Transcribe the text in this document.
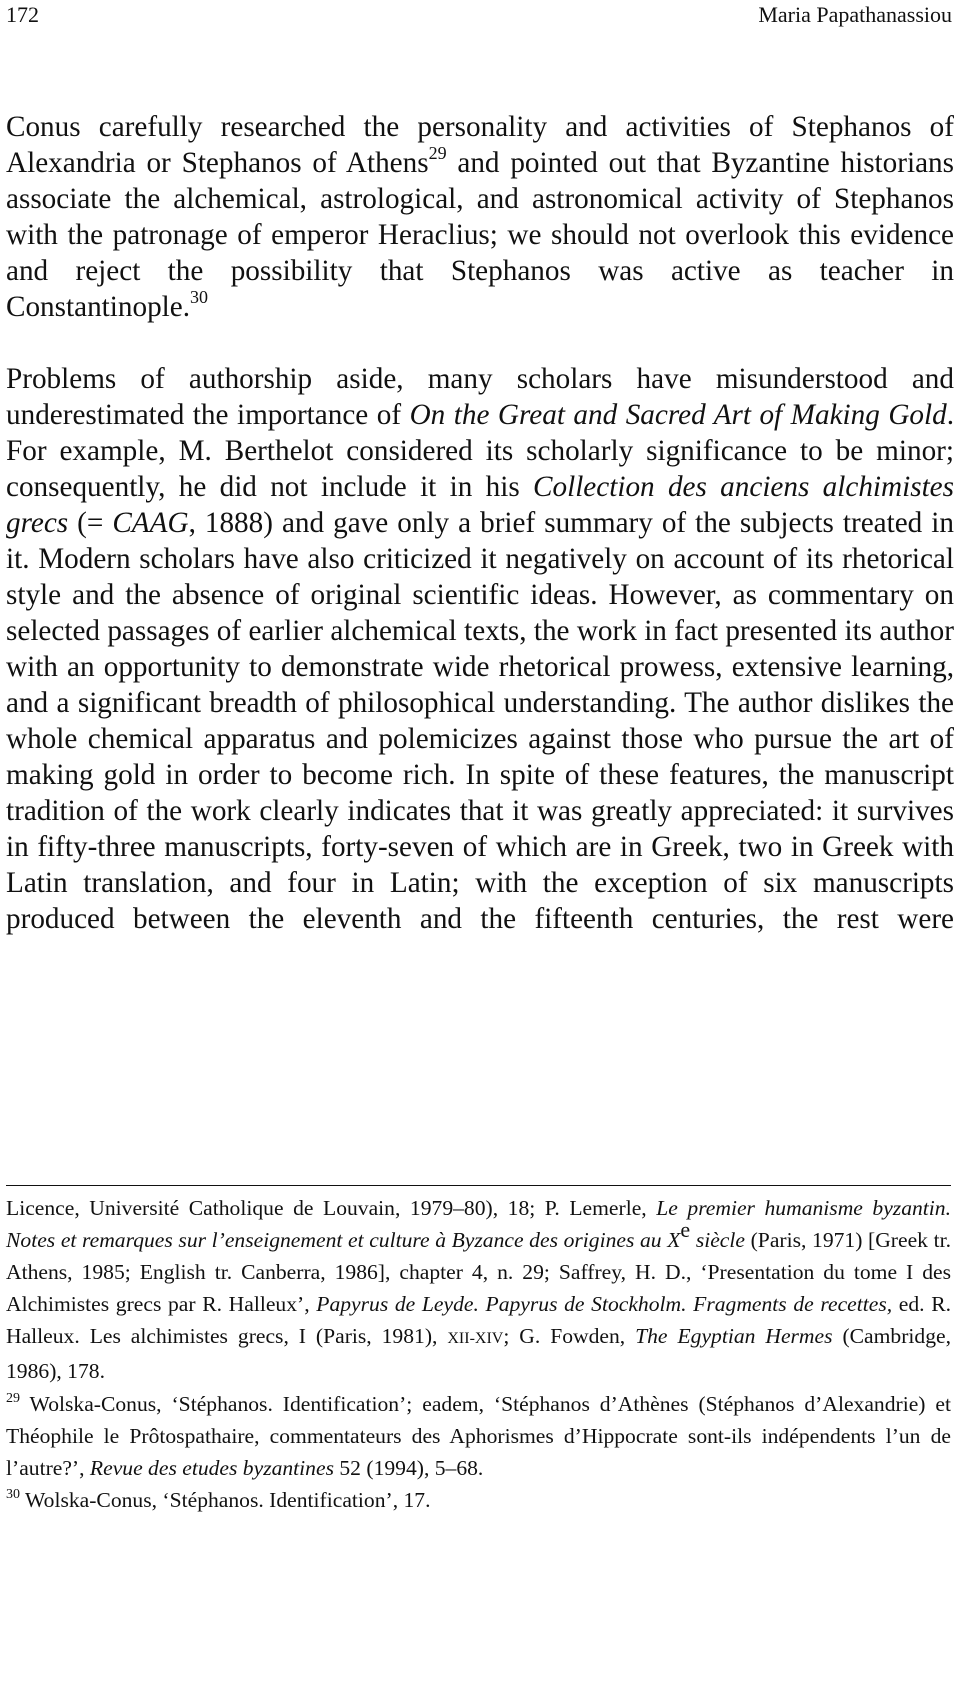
172	Maria Papathanassiou

Conus carefully researched the personality and activities of Stephanos of Alexandria or Stephanos of Athens$^{29}$ and pointed out that Byzantine historians associate the alchemical, astrological, and astronomical activity of Stephanos with the patronage of emperor Heraclius; we should not overlook this evidence and reject the possibility that Stephanos was active as teacher in Constantinople.$^{30}$

Problems of authorship aside, many scholars have misunderstood and underestimated the importance of On the Great and Sacred Art of Making Gold. For example, M. Berthelot considered its scholarly significance to be minor; consequently, he did not include it in his Collection des anciens alchimistes grecs (= CAAG, 1888) and gave only a brief summary of the subjects treated in it. Modern scholars have also criticized it negatively on account of its rhetorical style and the absence of original scientific ideas. However, as commentary on selected passages of earlier alchemical texts, the work in fact presented its author with an opportunity to demonstrate wide rhetorical prowess, extensive learning, and a significant breadth of philosophical understanding. The author dislikes the whole chemical apparatus and polemicizes against those who pursue the art of making gold in order to become rich. In spite of these features, the manuscript tradition of the work clearly indicates that it was greatly appreciated: it survives in fifty-three manuscripts, forty-seven of which are in Greek, two in Greek with Latin translation, and four in Latin; with the exception of six manuscripts produced between the eleventh and the fifteenth centuries, the rest were

Licence, Université Catholique de Louvain, 1979–80), 18; P. Lemerle, Le premier humanisme byzantin. Notes et remarques sur l’enseignement et culture à Byzance des origines au Xe siècle (Paris, 1971) [Greek tr. Athens, 1985; English tr. Canberra, 1986], chapter 4, n. 29; Saffrey, H. D., ‘Presentation du tome I des Alchimistes grecs par R. Halleux’, Papyrus de Leyde. Papyrus de Stockholm. Fragments de recettes, ed. R. Halleux. Les alchimistes grecs, I (Paris, 1981), XII-XIV; G. Fowden, The Egyptian Hermes (Cambridge, 1986), 178.

$^{29}$ Wolska-Conus, ‘Stéphanos. Identification’; eadem, ‘Stéphanos d’Athènes (Stéphanos d’Alexandrie) et Théophile le Prôtospathaire, commentateurs des Aphorismes d’Hippocrate sont-ils indépendents l’un de l’autre?’, Revue des etudes byzantines 52 (1994), 5–68.

$^{30}$ Wolska-Conus, ‘Stéphanos. Identification’, 17.
